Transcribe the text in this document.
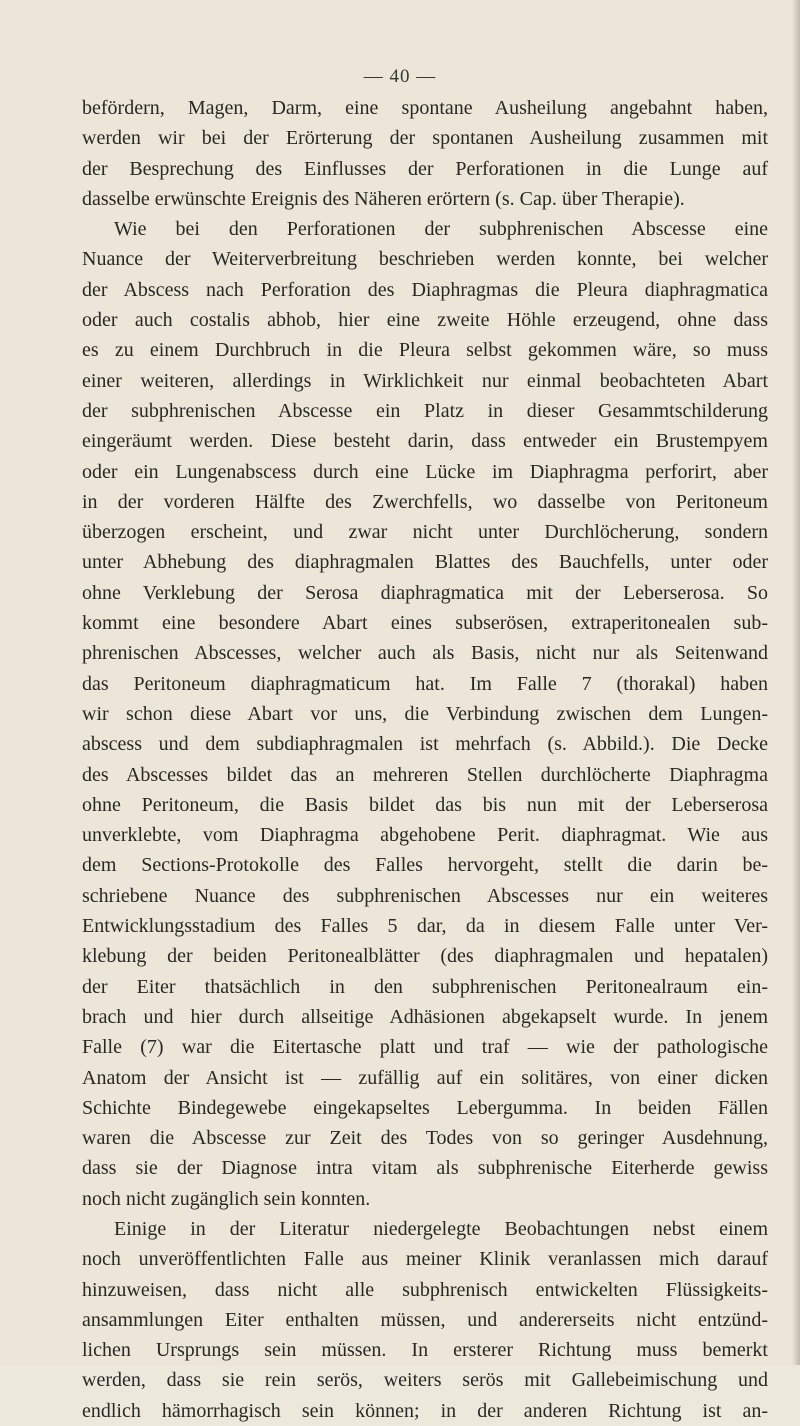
— 40 —
befördern, Magen, Darm, eine spontane Ausheilung angebahnt haben,
werden wir bei der Erörterung der spontanen Ausheilung zusammen mit
der Besprechung des Einflusses der Perforationen in die Lunge auf
dasselbe erwünschte Ereignis des Näheren erörtern (s. Cap. über Therapie).
Wie bei den Perforationen der subphrenischen Abscesse eine
Nuance der Weiterverbreitung beschrieben werden konnte, bei welcher
der Abscess nach Perforation des Diaphragmas die Pleura diaphragmatica
oder auch costalis abhob, hier eine zweite Höhle erzeugend, ohne dass
es zu einem Durchbruch in die Pleura selbst gekommen wäre, so muss
einer weiteren, allerdings in Wirklichkeit nur einmal beobachteten Abart
der subphrenischen Abscesse ein Platz in dieser Gesammtschilderung
eingeräumt werden. Diese besteht darin, dass entweder ein Brustempyem
oder ein Lungenabscess durch eine Lücke im Diaphragma perforirt, aber
in der vorderen Hälfte des Zwerchfells, wo dasselbe von Peritoneum
überzogen erscheint, und zwar nicht unter Durchlöcherung, sondern
unter Abhebung des diaphragmalen Blattes des Bauchfells, unter oder
ohne Verklebung der Serosa diaphragmatica mit der Leberserosa. So
kommt eine besondere Abart eines subserösen, extraperitonealen sub-
phrenischen Abscesses, welcher auch als Basis, nicht nur als Seitenwand
das Peritoneum diaphragmaticum hat. Im Falle 7 (thorakal) haben
wir schon diese Abart vor uns, die Verbindung zwischen dem Lungen-
abscess und dem subdiaphragmalen ist mehrfach (s. Abbild.). Die Decke
des Abscesses bildet das an mehreren Stellen durchlöcherte Diaphragma
ohne Peritoneum, die Basis bildet das bis nun mit der Leberserosa
unverklebte, vom Diaphragma abgehobene Perit. diaphragmat. Wie aus
dem Sections-Protokolle des Falles hervorgeht, stellt die darin be-
schriebene Nuance des subphrenischen Abscesses nur ein weiteres
Entwicklungsstadium des Falles 5 dar, da in diesem Falle unter Ver-
klebung der beiden Peritonealblätter (des diaphragmalen und hepatalen)
der Eiter thatsächlich in den subphrenischen Peritonealraum ein-
brach und hier durch allseitige Adhäsionen abgekapselt wurde. In jenem
Falle (7) war die Eitertasche platt und traf — wie der pathologische
Anatom der Ansicht ist — zufällig auf ein solitäres, von einer dicken
Schichte Bindegewebe eingekapseltes Lebergumma. In beiden Fällen
waren die Abscesse zur Zeit des Todes von so geringer Ausdehnung,
dass sie der Diagnose intra vitam als subphrenische Eiterherde gewiss
noch nicht zugänglich sein konnten.
Einige in der Literatur niedergelegte Beobachtungen nebst einem
noch unveröffentlichten Falle aus meiner Klinik veranlassen mich darauf
hinzuweisen, dass nicht alle subphrenisch entwickelten Flüssigkeits-
ansammlungen Eiter enthalten müssen, und andererseits nicht entzünd-
lichen Ursprungs sein müssen. In ersterer Richtung muss bemerkt
werden, dass sie rein serös, weiters serös mit Gallebeimischung und
endlich hämorrhagisch sein können; in der anderen Richtung ist an-
